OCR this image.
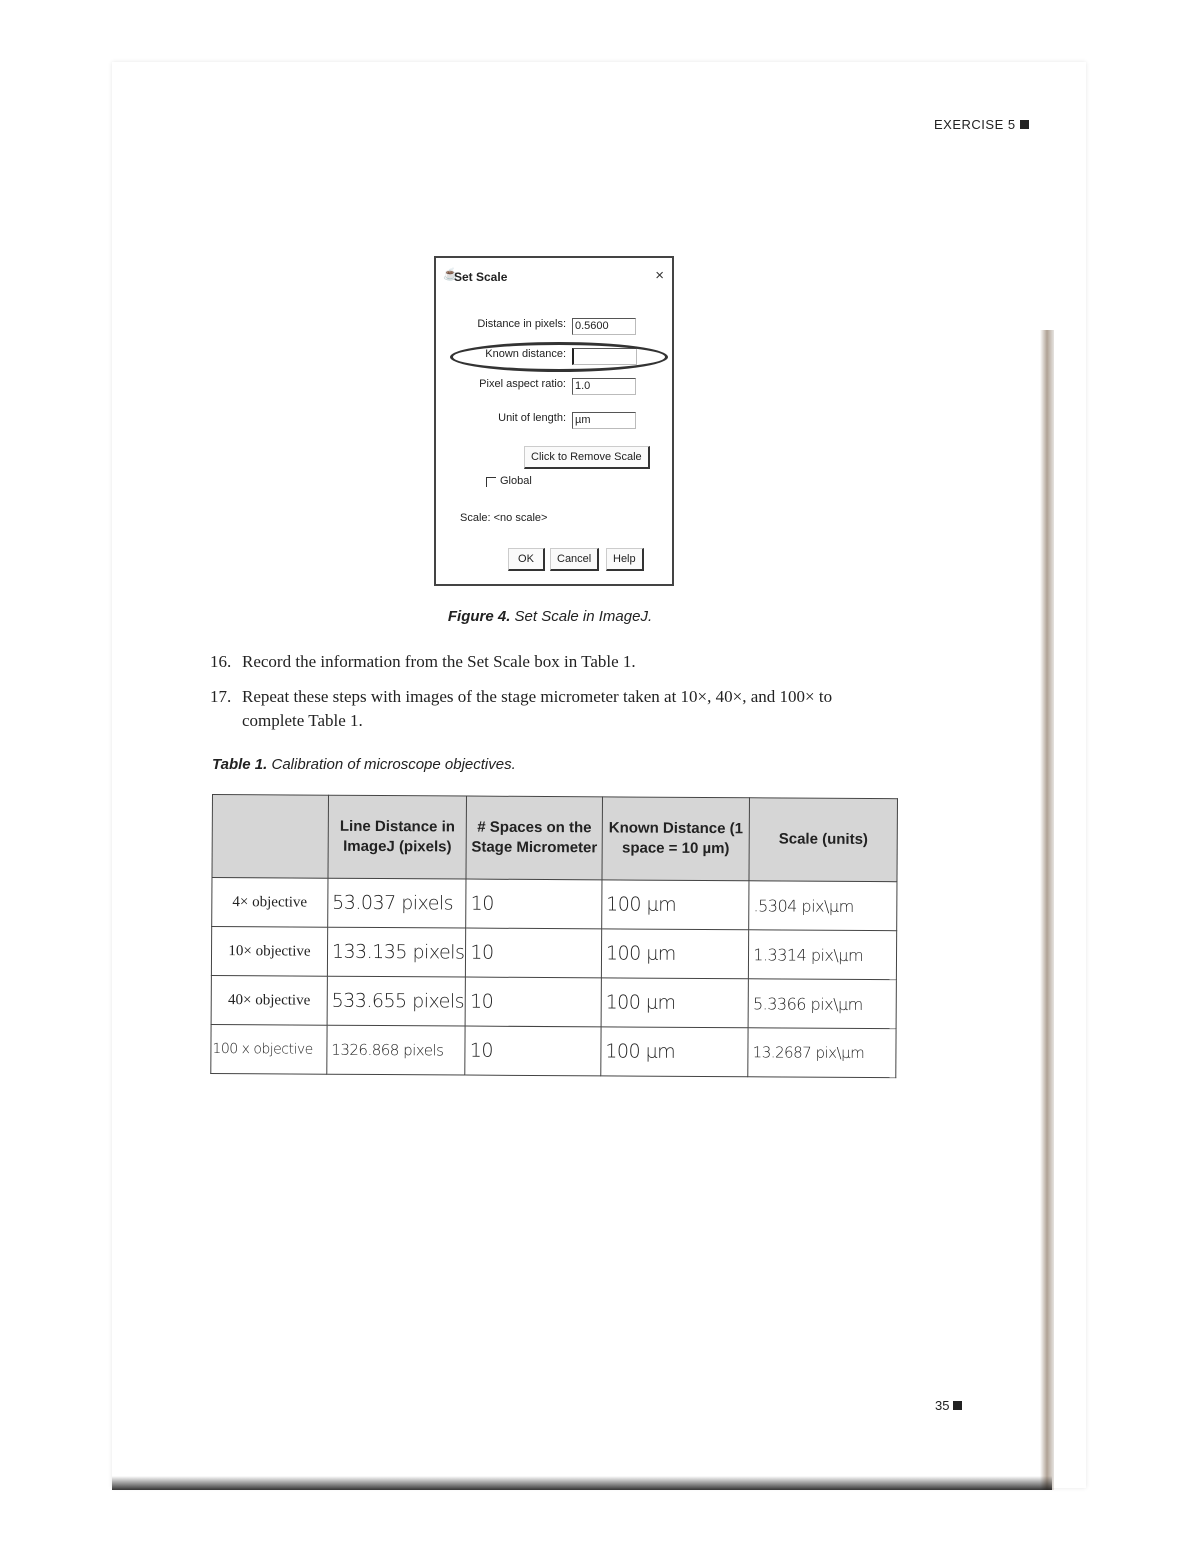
EXERCISE 5
☕
Set Scale	×
Distance in pixels: 0.5600
Known distance:
Pixel aspect ratio: 1.0
Unit of length: µm
Click to Remove Scale
Global
Scale: <no scale>
OK	Cancel	Help
Figure 4. Set Scale in ImageJ.
16. Record the information from the Set Scale box in Table 1.
17. Repeat these steps with images of the stage micrometer taken at 10×, 40×, and 100× to
complete Table 1.
Table 1. Calibration of microscope objectives.
	Line Distance in ImageJ (pixels)	# Spaces on the Stage Micrometer	Known Distance (1 space = 10 µm)	Scale (units)
4× objective	53.037 pixels	10	100 µm	.5304 pix\µm
10× objective	133.135 pixels	10	100 µm	1.3314 pix\µm
40× objective	533.655 pixels	10	100 µm	5.3366 pix\µm
100 x objective	1326.868 pixels	10	100 µm	13.2687 pix\µm
35
